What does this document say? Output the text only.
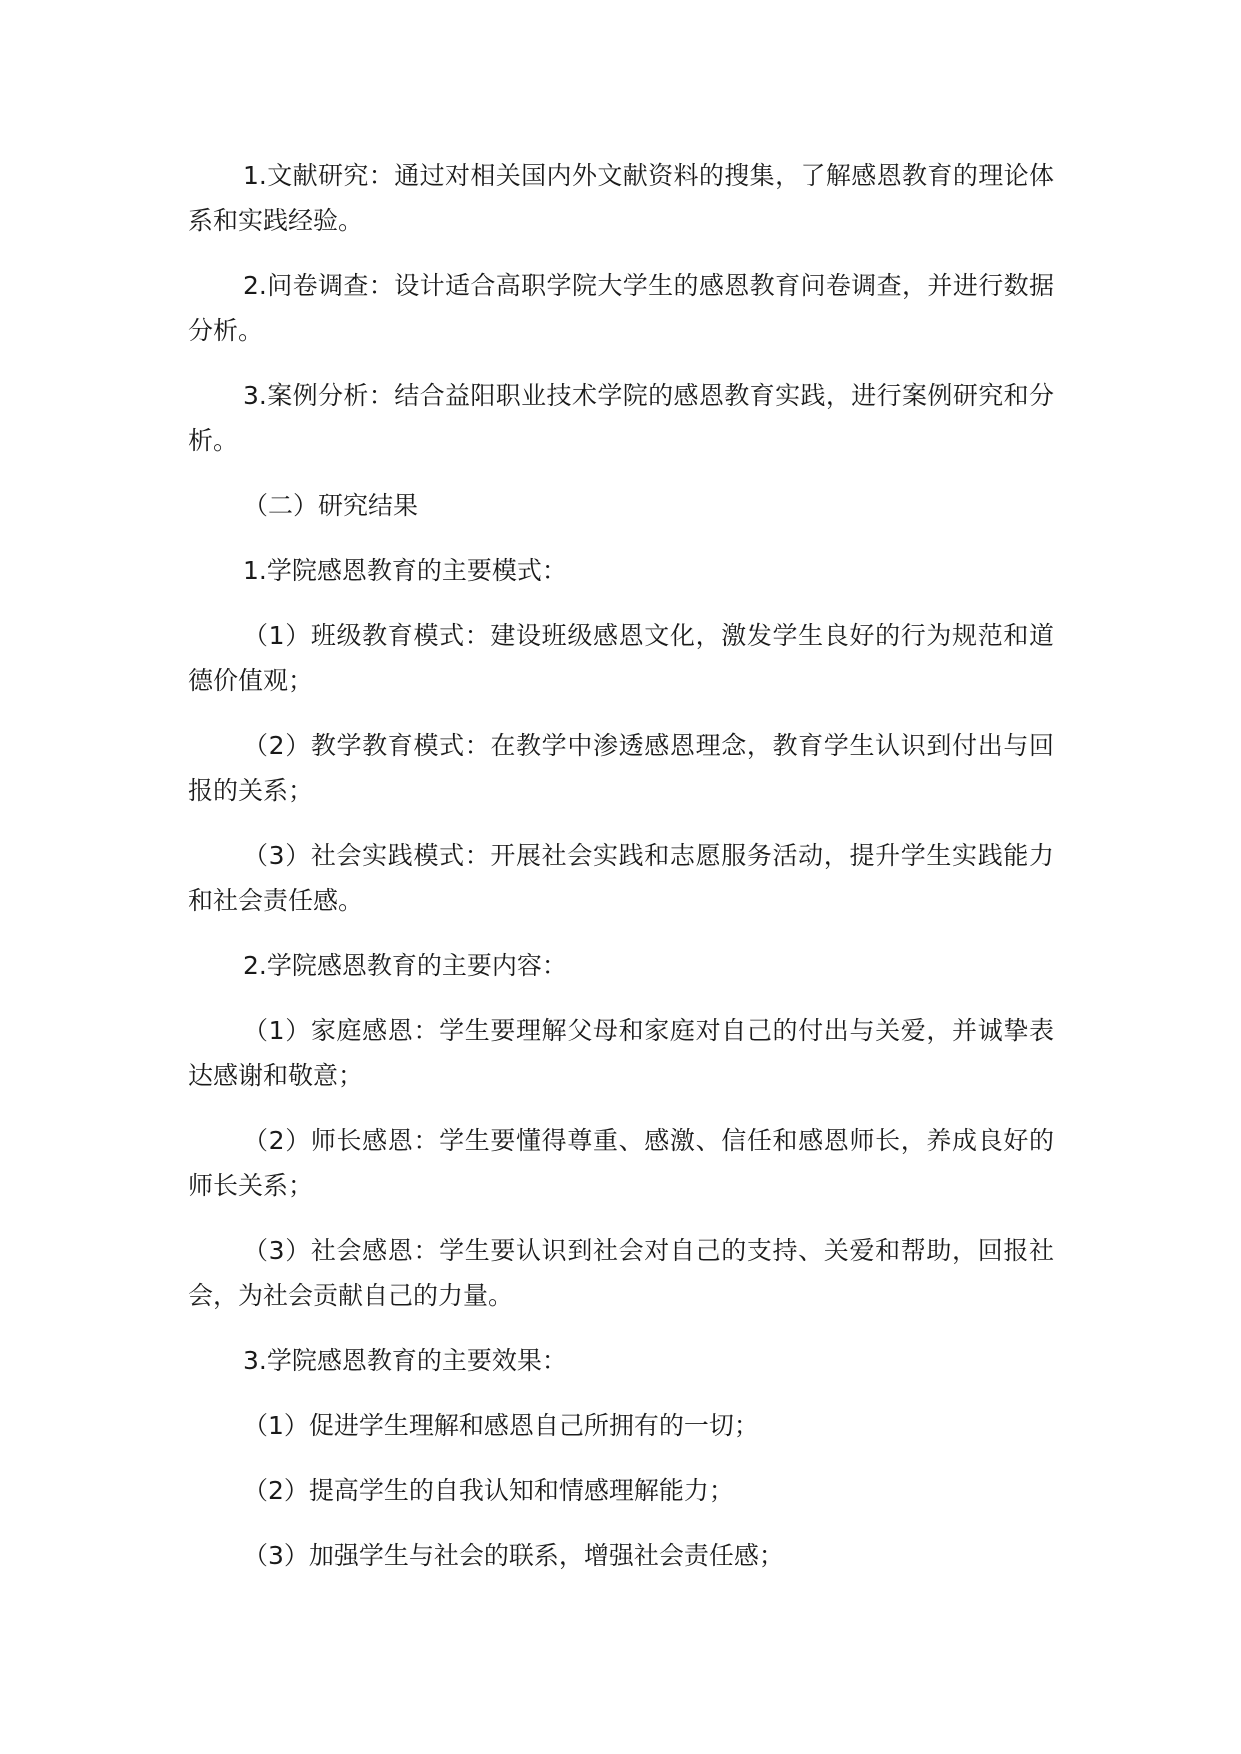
1.文献研究：通过对相关国内外文献资料的搜集，了解感恩教育的理论体系和实践经验。

2.问卷调查：设计适合高职学院大学生的感恩教育问卷调查，并进行数据分析。

3.案例分析：结合益阳职业技术学院的感恩教育实践，进行案例研究和分析。

（二）研究结果

1.学院感恩教育的主要模式：

（1）班级教育模式：建设班级感恩文化，激发学生良好的行为规范和道德价值观；

（2）教学教育模式：在教学中渗透感恩理念，教育学生认识到付出与回报的关系；

（3）社会实践模式：开展社会实践和志愿服务活动，提升学生实践能力和社会责任感。

2.学院感恩教育的主要内容：

（1）家庭感恩：学生要理解父母和家庭对自己的付出与关爱，并诚挚表达感谢和敬意；

（2）师长感恩：学生要懂得尊重、感激、信任和感恩师长，养成良好的师长关系；

（3）社会感恩：学生要认识到社会对自己的支持、关爱和帮助，回报社会，为社会贡献自己的力量。

3.学院感恩教育的主要效果：

（1）促进学生理解和感恩自己所拥有的一切；

（2）提高学生的自我认知和情感理解能力；

（3）加强学生与社会的联系，增强社会责任感；
